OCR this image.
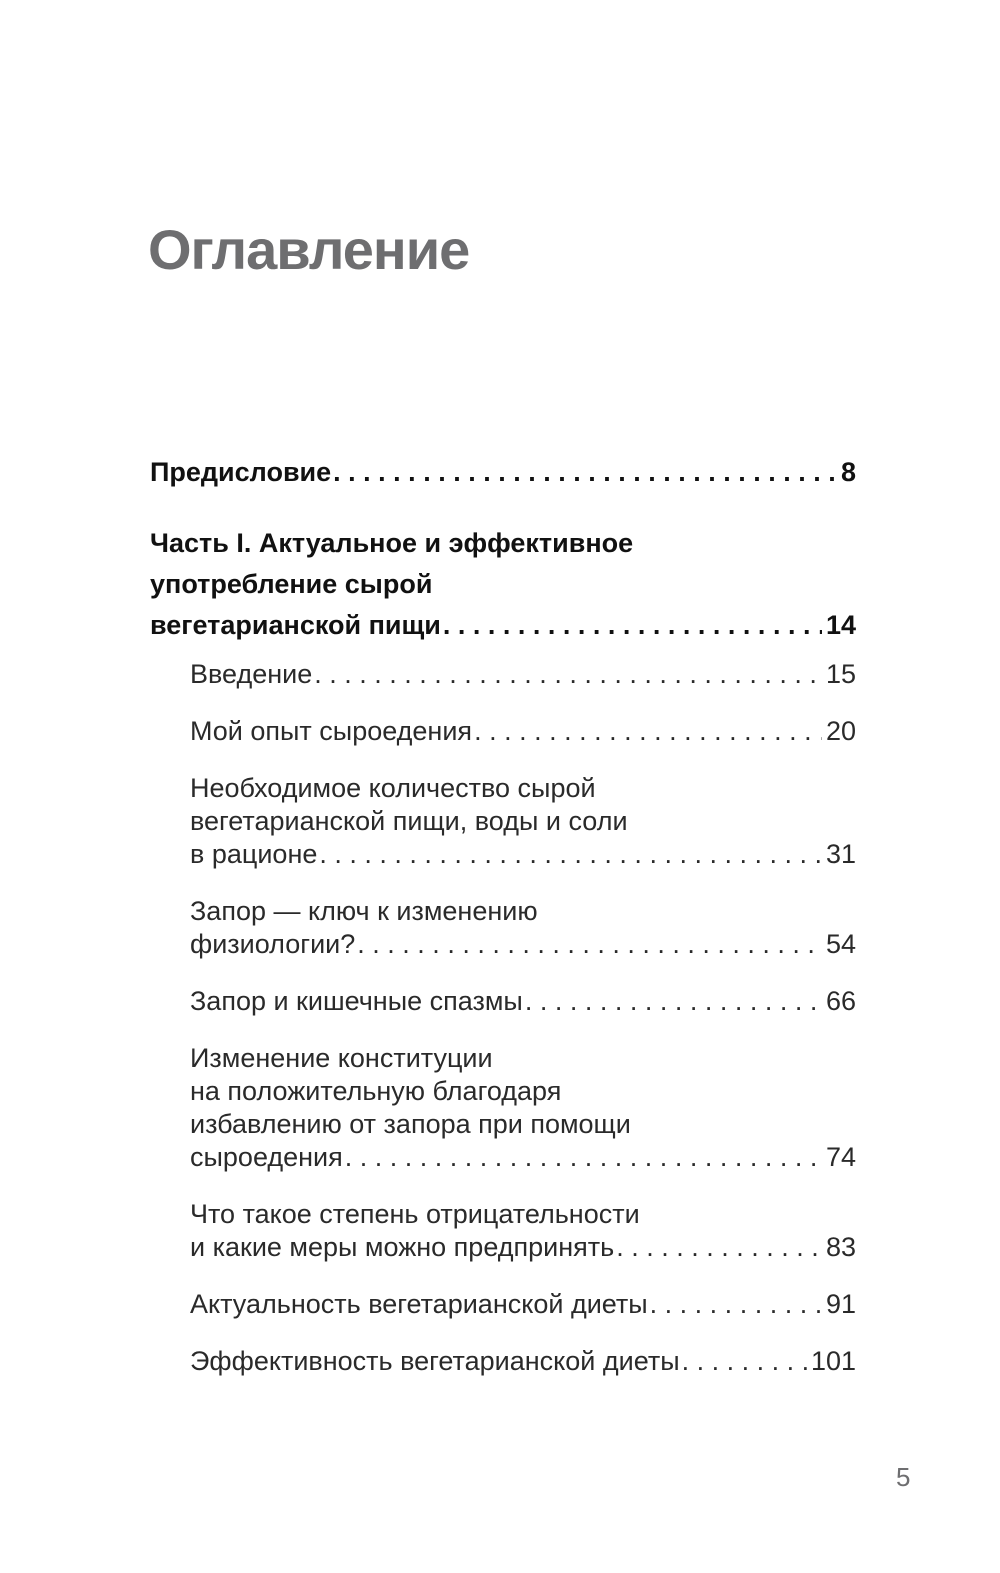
Оглавление
Предисловие . . .	8
Часть I. Актуальное и эффективное
употребление сырой
вегетарианской пищи . . .	14
Введение . . .	15
Мой опыт сыроедения . . .	20
Необходимое количество сырой
вегетарианской пищи, воды и соли
в рационе . . .	31
Запор — ключ к изменению
физиологии? . . .	54
Запор и кишечные спазмы . . .	66
Изменение конституции
на положительную благодаря
избавлению от запора при помощи
сыроедения . . .	74
Что такое степень отрицательности
и какие меры можно предпринять . . .	83
Актуальность вегетарианской диеты . . .	91
Эффективность вегетарианской диеты . . .	101
5
